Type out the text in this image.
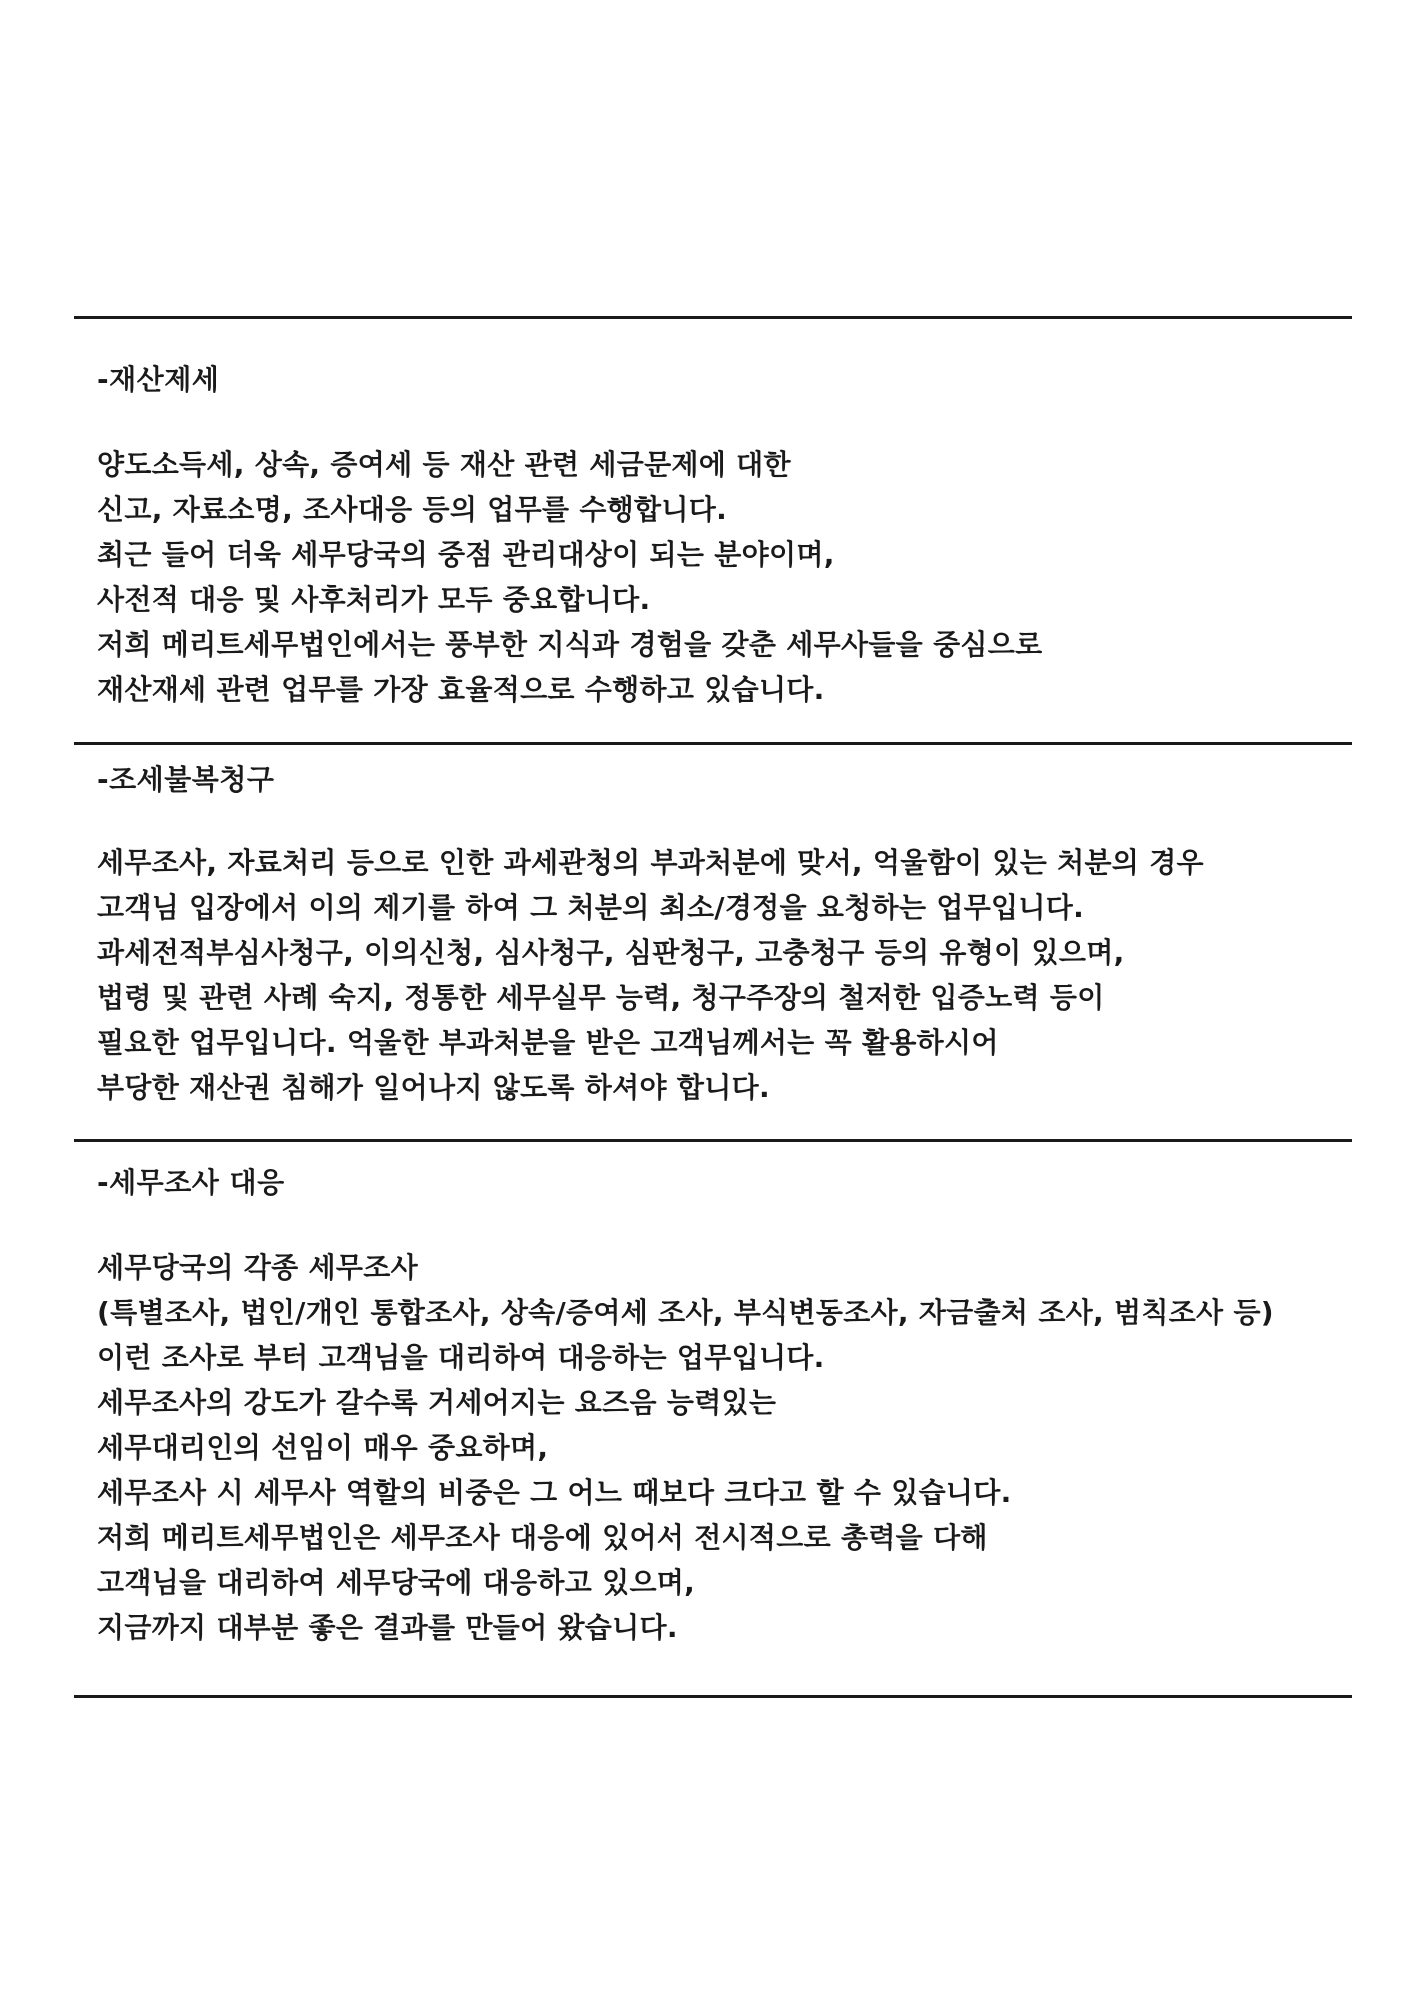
-재산제세
양도소득세, 상속, 증여세 등 재산 관련 세금문제에 대한
신고, 자료소명, 조사대응 등의 업무를 수행합니다.
최근 들어 더욱 세무당국의 중점 관리대상이 되는 분야이며,
사전적 대응 및 사후처리가 모두 중요합니다.
저희 메리트세무법인에서는 풍부한 지식과 경험을 갖춘 세무사들을 중심으로
재산재세 관련 업무를 가장 효율적으로 수행하고 있습니다.
-조세불복청구
세무조사, 자료처리 등으로 인한 과세관청의 부과처분에 맞서, 억울함이 있는 처분의 경우
고객님 입장에서 이의 제기를 하여 그 처분의 최소/경정을 요청하는 업무입니다.
과세전적부심사청구, 이의신청, 심사청구, 심판청구, 고충청구 등의 유형이 있으며,
법령 및 관련 사례 숙지, 정통한 세무실무 능력, 청구주장의 철저한 입증노력 등이
필요한 업무입니다. 억울한 부과처분을 받은 고객님께서는 꼭 활용하시어
부당한 재산권 침해가 일어나지 않도록 하셔야 합니다.
-세무조사 대응
세무당국의 각종 세무조사
(특별조사, 법인/개인 통합조사, 상속/증여세 조사, 부식변동조사, 자금출처 조사, 범칙조사 등)
이런 조사로 부터 고객님을 대리하여 대응하는 업무입니다.
세무조사의 강도가 갈수록 거세어지는 요즈음 능력있는
세무대리인의 선임이 매우 중요하며,
세무조사 시 세무사 역할의 비중은 그 어느 때보다 크다고 할 수 있습니다.
저희 메리트세무법인은 세무조사 대응에 있어서 전시적으로 총력을 다해
고객님을 대리하여 세무당국에 대응하고 있으며,
지금까지 대부분 좋은 결과를 만들어 왔습니다.
